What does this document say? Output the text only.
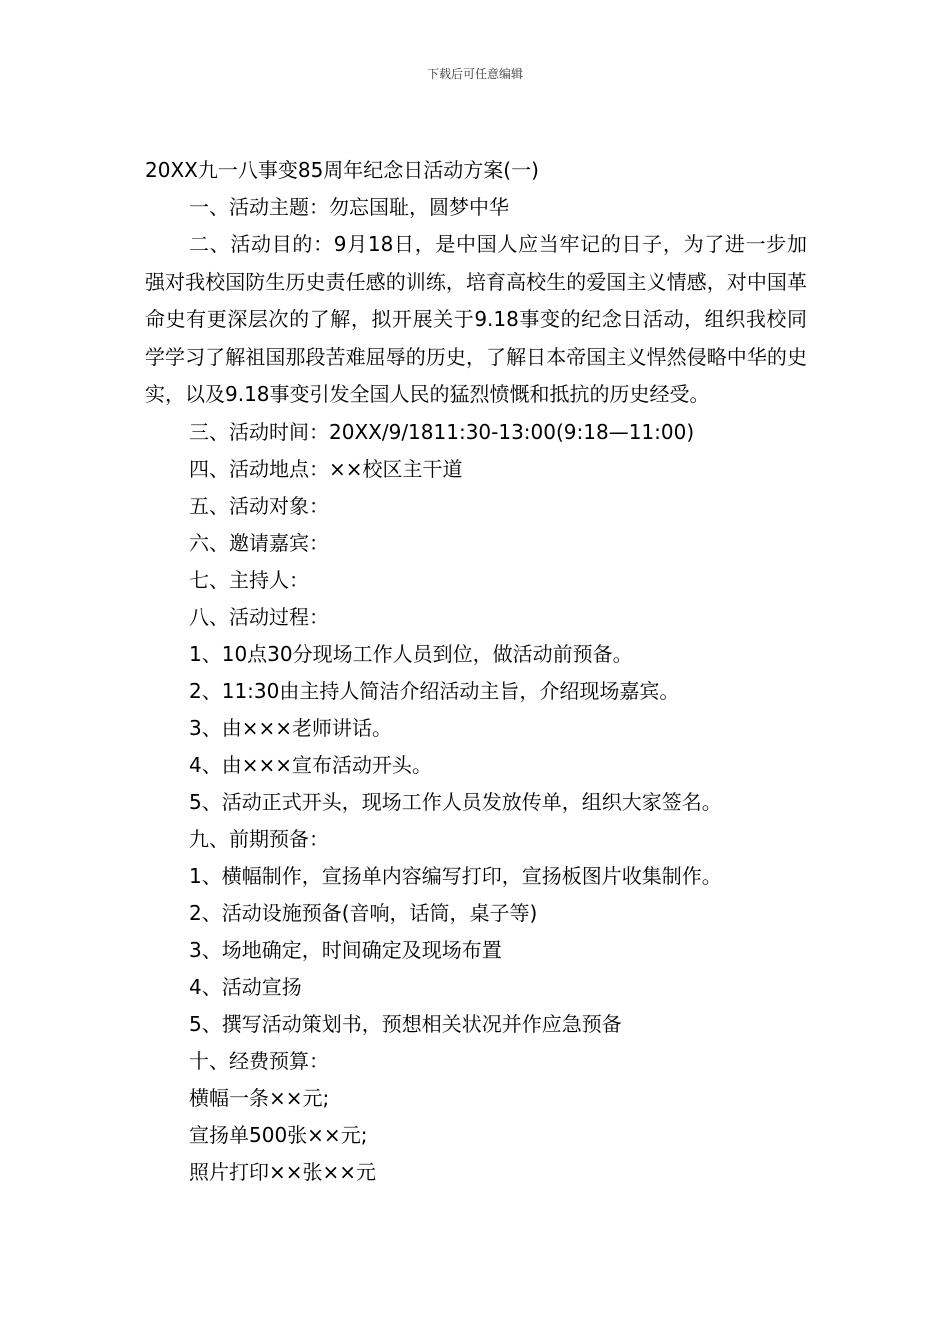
下载后可任意编辑
20XX九一八事变85周年纪念日活动方案(一)
一、活动主题：勿忘国耻，圆梦中华
二、活动目的：9月18日，是中国人应当牢记的日子，为了进一步加强对我校国防生历史责任感的训练，培育高校生的爱国主义情感，对中国革命史有更深层次的了解，拟开展关于9.18事变的纪念日活动，组织我校同学学习了解祖国那段苦难屈辱的历史，了解日本帝国主义悍然侵略中华的史实，以及9.18事变引发全国人民的猛烈愤慨和抵抗的历史经受。
三、活动时间：20XX/9/1811:30-13:00(9:18—11:00)
四、活动地点：××校区主干道
五、活动对象：
六、邀请嘉宾：
七、主持人：
八、活动过程：
1、10点30分现场工作人员到位，做活动前预备。
2、11:30由主持人简洁介绍活动主旨，介绍现场嘉宾。
3、由×××老师讲话。
4、由×××宣布活动开头。
5、活动正式开头，现场工作人员发放传单，组织大家签名。
九、前期预备：
1、横幅制作，宣扬单内容编写打印，宣扬板图片收集制作。
2、活动设施预备(音响，话筒，桌子等)
3、场地确定，时间确定及现场布置
4、活动宣扬
5、撰写活动策划书，预想相关状况并作应急预备
十、经费预算：
横幅一条××元;
宣扬单500张××元;
照片打印××张××元
